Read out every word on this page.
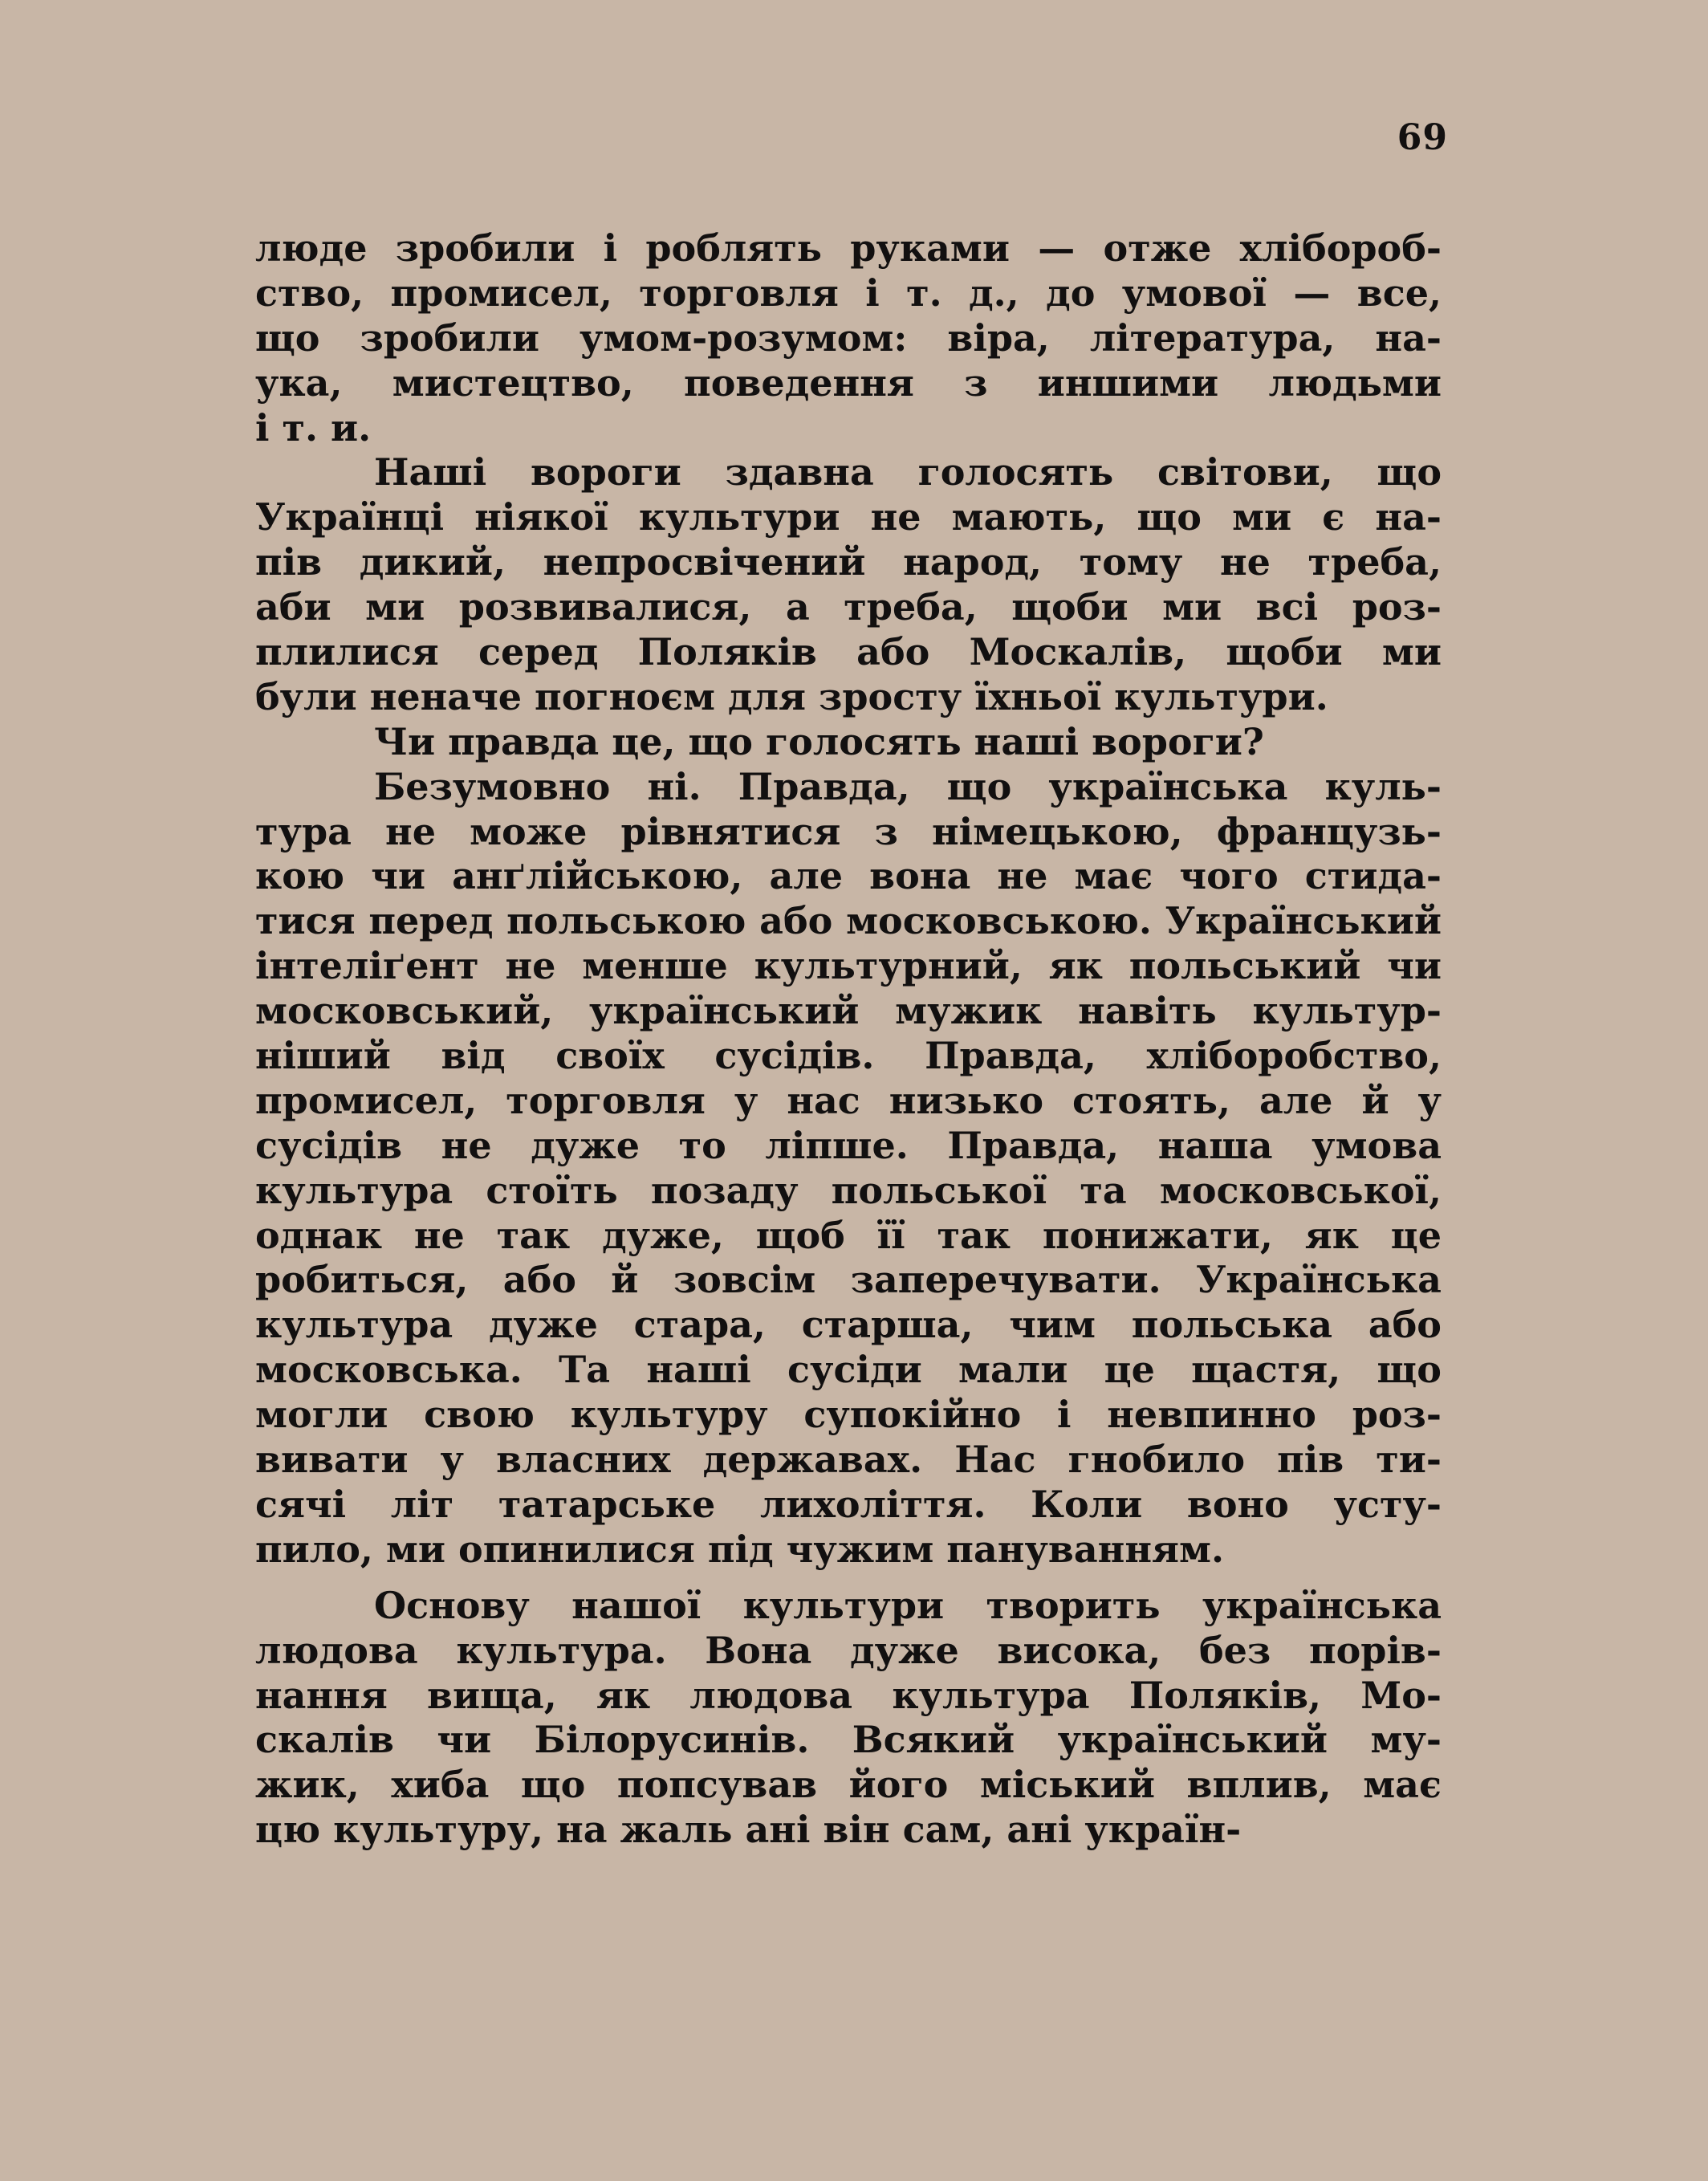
69
люде зробили і роблять руками — отже хлібороб-
ство, промисел, торговля і т. д., до умової — все,
що зробили умом-розумом: віра, література, на-
ука, мистецтво, поведення з иншими людьми
і т. и.
Наші вороги здавна голосять світови, що
Українці ніякої культури не мають, що ми є на-
пів дикий, непросвічений народ, тому не треба,
аби ми розвивалися, а треба, щоби ми всі роз-
плилися серед Поляків або Москалів, щоби ми
були неначе погноєм для зросту їхньої культури.
Чи правда це, що голосять наші вороги?
Безумовно ні. Правда, що українська куль-
тура не може рівнятися з німецькою, французь-
кою чи анґлійською, але вона не має чого стида-
тися перед польською або московською. Український
інтеліґент не менше культурний, як польський чи
московський, український мужик навіть культур-
ніший від своїх сусідів. Правда, хліборобство,
промисел, торговля у нас низько стоять, але й у
сусідів не дуже то ліпше. Правда, наша умова
культура стоїть позаду польської та московської,
однак не так дуже, щоб її так понижати, як це
робиться, або й зовсім заперечувати. Українська
культура дуже стара, старша, чим польська або
московська. Та наші сусіди мали це щастя, що
могли свою культуру супокійно і невпинно роз-
вивати у власних державах. Нас гнобило пів ти-
сячі літ татарське лихоліття. Коли воно усту-
пило, ми опинилися під чужим пануванням.
Основу нашої культури творить українська
людова культура. Вона дуже висока, без порів-
нання вища, як людова культура Поляків, Мо-
скалів чи Білорусинів. Всякий український му-
жик, хиба що попсував його міський вплив, має
цю культуру, на жаль ані він сам, ані україн-
